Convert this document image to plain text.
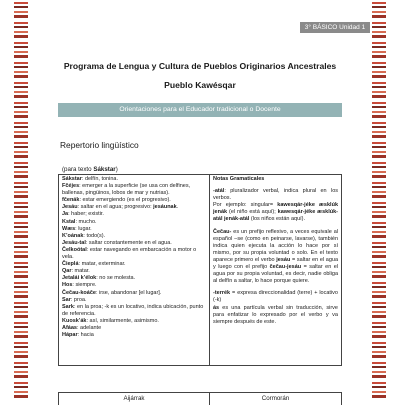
3° BÁSICO Unidad 1
Programa de Lengua y Cultura de Pueblos Originarios Ancestrales
Pueblo Kawésqar
Orientaciones para el Educador tradicional o Docente
Repertorio lingüístico
(para texto Sákstar)

Sákstar: delfín, tonina.

Fčéjes: emerger a la superficie (se usa con delfines, ballenas, pingüinos, lobos de mar y nutrias).

fčenák: estar emergiendo (es el progresivo).

Jesáu: saltar en el agua; progresivo: jesáunak.

Ja: haber; existir.

Kstal: mucho.

Wæs: lugar.

K’oának: todo(s).

Jesáu-tal: saltar constantemente en el agua.

Čelkoótal: estar navegando en embarcación a motor o vela.

Čieplá: matar, exterminar.

Qar: matar.

Jetalái k’élok: no se molesta.

Hos: siempre.

Čečau-koáče: irse, abandonar [el lugar].

Sar: proa.

Sark: en la proa; -k es un locativo, indica ubicación, punto de referencia.

Kuosk’ák: así, similarmente, asimismo.

Afáas: adelante

Hápar: hacia

Notas Gramaticales

-atál: pluralizador verbal, indica plural en los verbos.

Por ejemplo: singular= kawesqár-jéke æsklúk jenák (el niño está aquí); kawesqár-jéke æsklúk-atál jenák-atál (los niños están aquí).

Čečau- es un prefijo reflexivo, a veces equivale al español –se (como en peinarse, lavarse), también indica quien ejecuta la acción lo hace por sí mismo, por su propia voluntad o solo. En el texto aparece primero el verbo jesáu = saltar en el agua y luego con el prefijo čečau-jesáu = saltar en el agua por su propia voluntad, es decir, nadie obliga al delfín a saltar, lo hace porque quiere.

-terrék = expresa direccionalidad (terre) + locativo (-k)

ás es una partícula verbal sin traducción, sirve para enfatizar lo expresado por el verbo y va siempre después de este.

Aijárrak	Cormorán
